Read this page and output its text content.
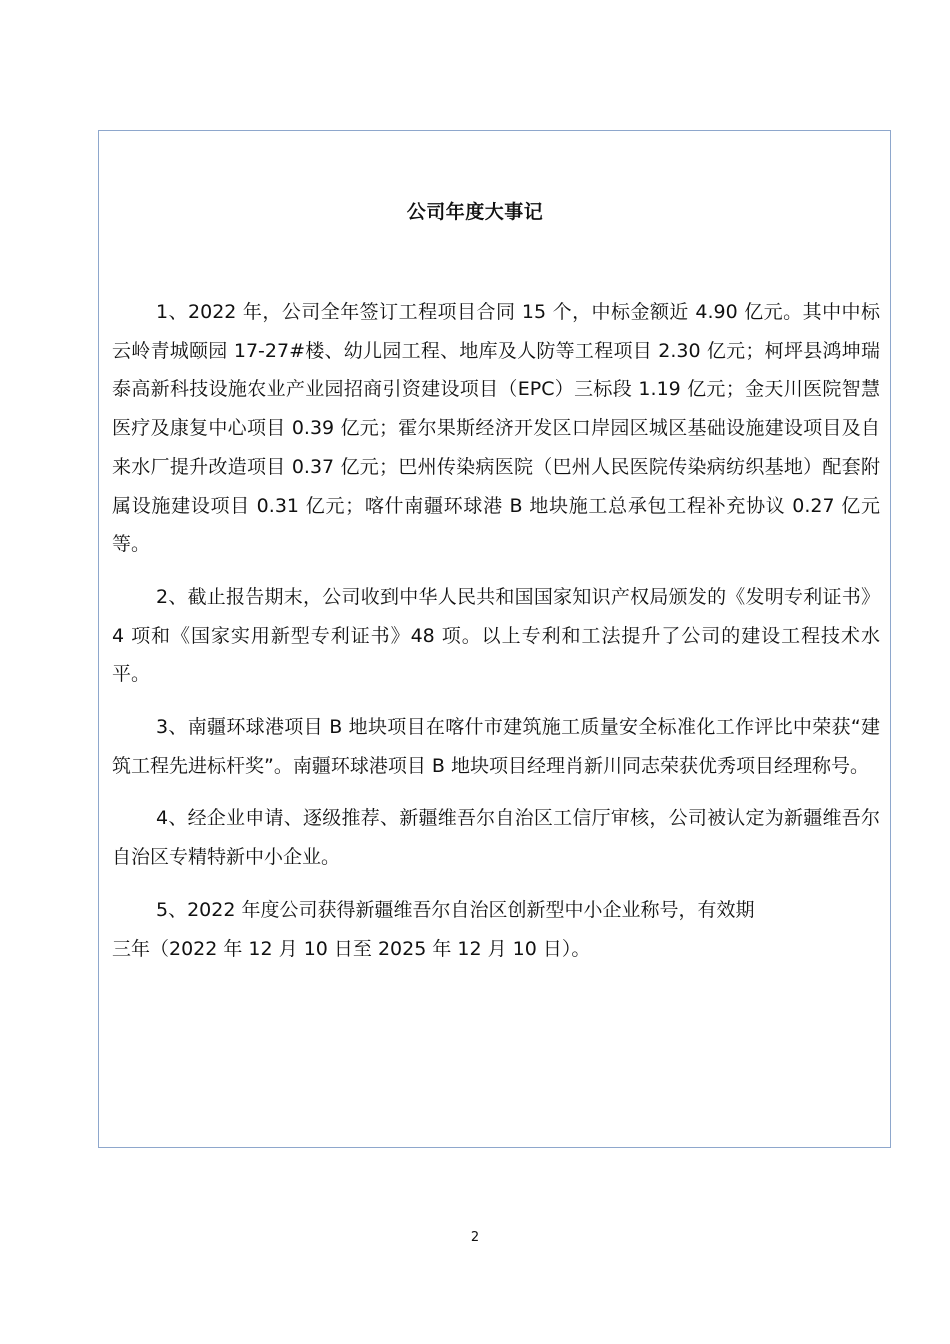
公司年度大事记

1、2022 年，公司全年签订工程项目合同 15 个，中标金额近 4.90 亿元。其中中标云岭青城颐园 17-27#楼、幼儿园工程、地库及人防等工程项目 2.30 亿元；柯坪县鸿坤瑞泰高新科技设施农业产业园招商引资建设项目（EPC）三标段 1.19 亿元；金天川医院智慧医疗及康复中心项目 0.39 亿元；霍尔果斯经济开发区口岸园区城区基础设施建设项目及自来水厂提升改造项目 0.37 亿元；巴州传染病医院（巴州人民医院传染病纺织基地）配套附属设施建设项目 0.31 亿元；喀什南疆环球港 B 地块施工总承包工程补充协议 0.27 亿元等。

2、截止报告期末，公司收到中华人民共和国国家知识产权局颁发的《发明专利证书》4 项和《国家实用新型专利证书》48 项。以上专利和工法提升了公司的建设工程技术水平。

3、南疆环球港项目 B 地块项目在喀什市建筑施工质量安全标准化工作评比中荣获“建筑工程先进标杆奖”。南疆环球港项目 B 地块项目经理肖新川同志荣获优秀项目经理称号。

4、经企业申请、逐级推荐、新疆维吾尔自治区工信厅审核，公司被认定为新疆维吾尔自治区专精特新中小企业。

5、2022 年度公司获得新疆维吾尔自治区创新型中小企业称号，有效期
三年（2022 年 12 月 10 日至 2025 年 12 月 10 日）。

2
